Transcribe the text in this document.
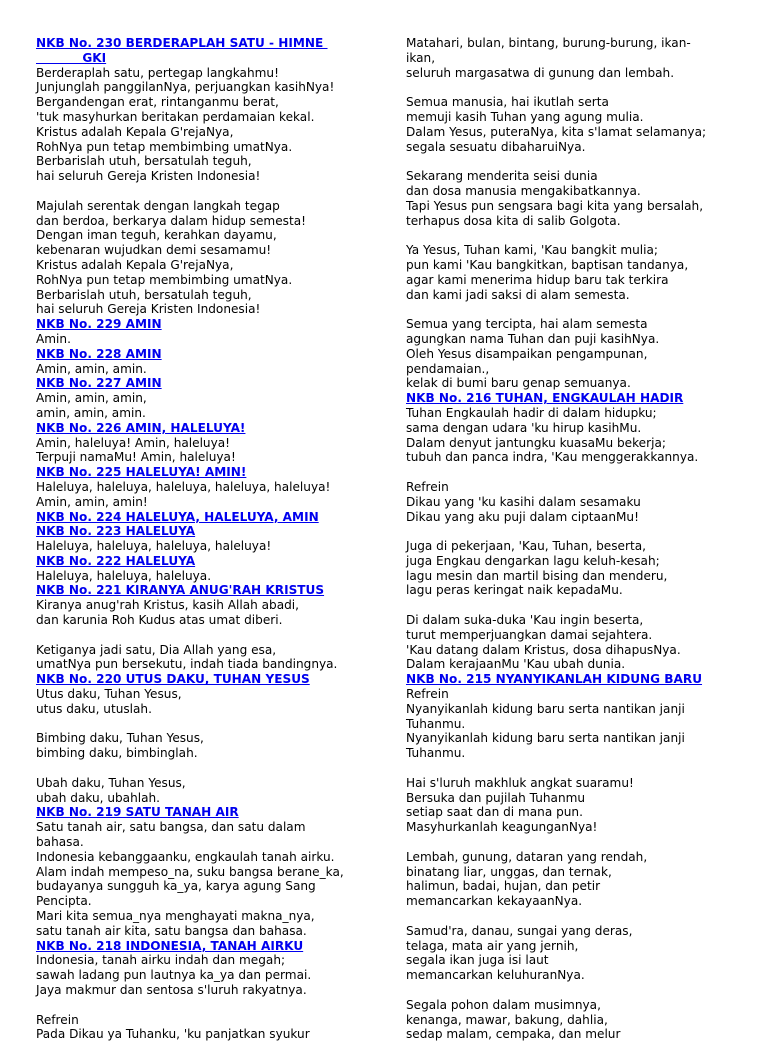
NKB No. 230 BERDERAPLAH SATU - HIMNE
GKI
Berderaplah satu, pertegap langkahmu!
Junjunglah panggilanNya, perjuangkan kasihNya!
Bergandengan erat, rintanganmu berat,
'tuk masyhurkan beritakan perdamaian kekal.
Kristus adalah Kepala G'rejaNya,
RohNya pun tetap membimbing umatNya.
Berbarislah utuh, bersatulah teguh,
hai seluruh Gereja Kristen Indonesia!
Majulah serentak dengan langkah tegap
dan berdoa, berkarya dalam hidup semesta!
Dengan iman teguh, kerahkan dayamu,
kebenaran wujudkan demi sesamamu!
Kristus adalah Kepala G'rejaNya,
RohNya pun tetap membimbing umatNya.
Berbarislah utuh, bersatulah teguh,
hai seluruh Gereja Kristen Indonesia!
NKB No. 229 AMIN
Amin.
NKB No. 228 AMIN
Amin, amin, amin.
NKB No. 227 AMIN
Amin, amin, amin,
amin, amin, amin.
NKB No. 226 AMIN, HALELUYA!
Amin, haleluya! Amin, haleluya!
Terpuji namaMu! Amin, haleluya!
NKB No. 225 HALELUYA! AMIN!
Haleluya, haleluya, haleluya, haleluya, haleluya!
Amin, amin, amin!
NKB No. 224 HALELUYA, HALELUYA, AMIN
NKB No. 223 HALELUYA
Haleluya, haleluya, haleluya, haleluya!
NKB No. 222 HALELUYA
Haleluya, haleluya, haleluya.
NKB No. 221 KIRANYA ANUG'RAH KRISTUS
Kiranya anug'rah Kristus, kasih Allah abadi,
dan karunia Roh Kudus atas umat diberi.
Ketiganya jadi satu, Dia Allah yang esa,
umatNya pun bersekutu, indah tiada bandingnya.
NKB No. 220 UTUS DAKU, TUHAN YESUS
Utus daku, Tuhan Yesus,
utus daku, utuslah.
Bimbing daku, Tuhan Yesus,
bimbing daku, bimbinglah.
Ubah daku, Tuhan Yesus,
ubah daku, ubahlah.
NKB No. 219 SATU TANAH AIR
Satu tanah air, satu bangsa, dan satu dalam
bahasa.
Indonesia kebanggaanku, engkaulah tanah airku.
Alam indah mempeso_na, suku bangsa berane_ka,
budayanya sungguh ka_ya, karya agung Sang
Pencipta.
Mari kita semua_nya menghayati makna_nya,
satu tanah air kita, satu bangsa dan bahasa.
NKB No. 218 INDONESIA, TANAH AIRKU
Indonesia, tanah airku indah dan megah;
sawah ladang pun lautnya ka_ya dan permai.
Jaya makmur dan sentosa s'luruh rakyatnya.
Refrein
Pada Dikau ya Tuhanku, 'ku panjatkan syukur
Matahari, bulan, bintang, burung-burung, ikan-
ikan,
seluruh margasatwa di gunung dan lembah.
Semua manusia, hai ikutlah serta
memuji kasih Tuhan yang agung mulia.
Dalam Yesus, puteraNya, kita s'lamat selamanya;
segala sesuatu dibaharuiNya.
Sekarang menderita seisi dunia
dan dosa manusia mengakibatkannya.
Tapi Yesus pun sengsara bagi kita yang bersalah,
terhapus dosa kita di salib Golgota.
Ya Yesus, Tuhan kami, 'Kau bangkit mulia;
pun kami 'Kau bangkitkan, baptisan tandanya,
agar kami menerima hidup baru tak terkira
dan kami jadi saksi di alam semesta.
Semua yang tercipta, hai alam semesta
agungkan nama Tuhan dan puji kasihNya.
Oleh Yesus disampaikan pengampunan,
pendamaian.,
kelak di bumi baru genap semuanya.
NKB No. 216 TUHAN, ENGKAULAH HADIR
Tuhan Engkaulah hadir di dalam hidupku;
sama dengan udara 'ku hirup kasihMu.
Dalam denyut jantungku kuasaMu bekerja;
tubuh dan panca indra, 'Kau menggerakkannya.
Refrein
Dikau yang 'ku kasihi dalam sesamaku
Dikau yang aku puji dalam ciptaanMu!
Juga di pekerjaan, 'Kau, Tuhan, beserta,
juga Engkau dengarkan lagu keluh-kesah;
lagu mesin dan martil bising dan menderu,
lagu peras keringat naik kepadaMu.
Di dalam suka-duka 'Kau ingin beserta,
turut memperjuangkan damai sejahtera.
'Kau datang dalam Kristus, dosa dihapusNya.
Dalam kerajaanMu 'Kau ubah dunia.
NKB No. 215 NYANYIKANLAH KIDUNG BARU
Refrein
Nyanyikanlah kidung baru serta nantikan janji
Tuhanmu.
Nyanyikanlah kidung baru serta nantikan janji
Tuhanmu.
Hai s'luruh makhluk angkat suaramu!
Bersuka dan pujilah Tuhanmu
setiap saat dan di mana pun.
Masyhurkanlah keagunganNya!
Lembah, gunung, dataran yang rendah,
binatang liar, unggas, dan ternak,
halimun, badai, hujan, dan petir
memancarkan kekayaanNya.
Samud'ra, danau, sungai yang deras,
telaga, mata air yang jernih,
segala ikan juga isi laut
memancarkan keluhuranNya.
Segala pohon dalam musimnya,
kenanga, mawar, bakung, dahlia,
sedap malam, cempaka, dan melur
